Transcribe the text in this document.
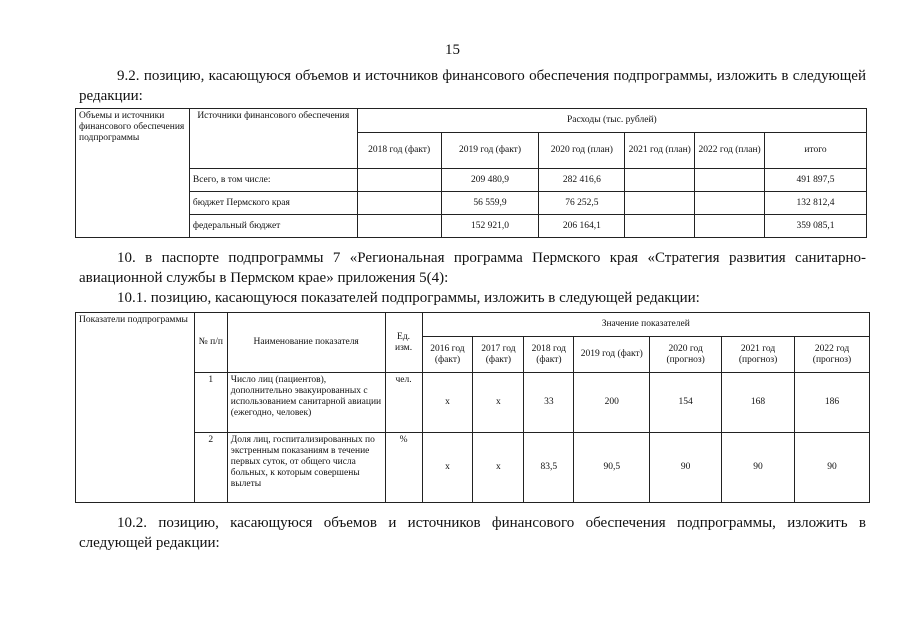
15
9.2. позицию, касающуюся объемов и источников финансового обеспечения подпрограммы, изложить в следующей редакции:
Объемы и источники финансового обеспечения подпрограммы	Источники финансового обеспечения	Расходы (тыс. рублей)					
		2018 год (факт)	2019 год (факт)	2020 год (план)	2021 год (план)	2022 год (план)	итого
	Всего, в том числе:		209 480,9	282 416,6			491 897,5
	бюджет Пермского края		56 559,9	76 252,5			132 812,4
	федеральный бюджет		152 921,0	206 164,1			359 085,1
10. в паспорте подпрограммы 7 «Региональная программа Пермского края «Стратегия развития санитарно-авиационной службы в Пермском крае» приложения 5(4):
10.1. позицию, касающуюся показателей подпрограммы, изложить в следующей редакции:
Показатели подпрограммы	№ п/п	Наименование показателя	Ед. изм.	Значение показателей						
				2016 год (факт)	2017 год (факт)	2018 год (факт)	2019 год (факт)	2020 год (прогноз)	2021 год (прогноз)	2022 год (прогноз)
	1	Число лиц (пациентов), дополнительно эвакуированных с использованием санитарной авиации (ежегодно, человек)	чел.	х	х	33	200	154	168	186
	2	Доля лиц, госпитализированных по экстренным показаниям в течение первых суток, от общего числа больных, к которым совершены вылеты	%	х	х	83,5	90,5	90	90	90
10.2. позицию, касающуюся объемов и источников финансового обеспечения подпрограммы, изложить в следующей редакции:
